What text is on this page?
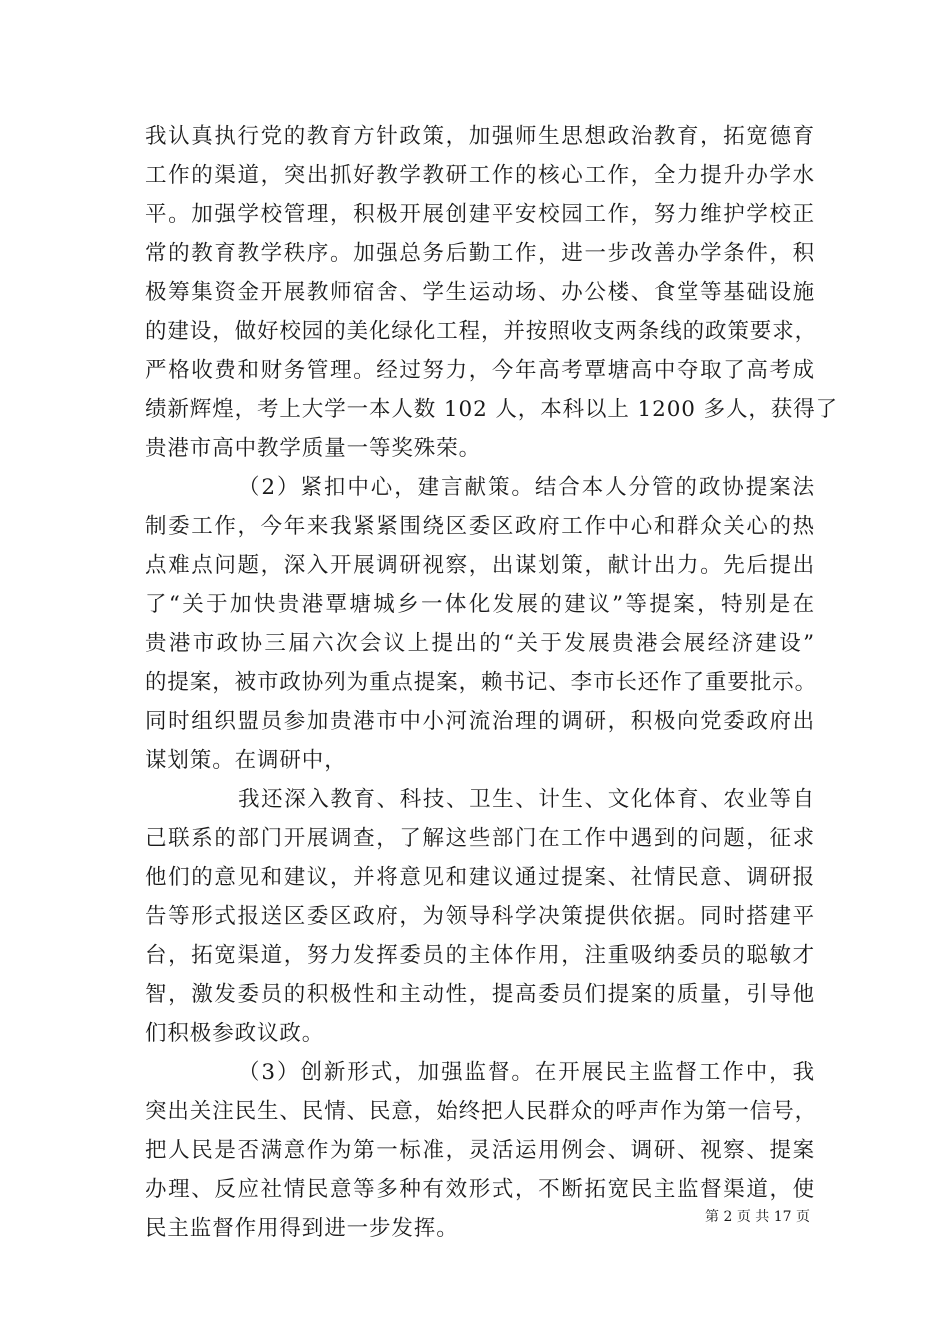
我认真执行党的教育方针政策，加强师生思想政治教育，拓宽德育
工作的渠道，突出抓好教学教研工作的核心工作，全力提升办学水
平。加强学校管理，积极开展创建平安校园工作，努力维护学校正
常的教育教学秩序。加强总务后勤工作，进一步改善办学条件，积
极筹集资金开展教师宿舍、学生运动场、办公楼、食堂等基础设施
的建设，做好校园的美化绿化工程，并按照收支两条线的政策要求，
严格收费和财务管理。经过努力，今年高考覃塘高中夺取了高考成
绩新辉煌，考上大学一本人数 102 人，本科以上 1200 多人，获得了
贵港市高中教学质量一等奖殊荣。
（2）紧扣中心，建言献策。结合本人分管的政协提案法
制委工作，今年来我紧紧围绕区委区政府工作中心和群众关心的热
点难点问题，深入开展调研视察，出谋划策，献计出力。先后提出
了“关于加快贵港覃塘城乡一体化发展的建议”等提案，特别是在
贵港市政协三届六次会议上提出的“关于发展贵港会展经济建设”
的提案，被市政协列为重点提案，赖书记、李市长还作了重要批示。
同时组织盟员参加贵港市中小河流治理的调研，积极向党委政府出
谋划策。在调研中，
我还深入教育、科技、卫生、计生、文化体育、农业等自
己联系的部门开展调查，了解这些部门在工作中遇到的问题，征求
他们的意见和建议，并将意见和建议通过提案、社情民意、调研报
告等形式报送区委区政府，为领导科学决策提供依据。同时搭建平
台，拓宽渠道，努力发挥委员的主体作用，注重吸纳委员的聪敏才
智，激发委员的积极性和主动性，提高委员们提案的质量，引导他
们积极参政议政。
（3）创新形式，加强监督。在开展民主监督工作中，我
突出关注民生、民情、民意，始终把人民群众的呼声作为第一信号，
把人民是否满意作为第一标准，灵活运用例会、调研、视察、提案
办理、反应社情民意等多种有效形式，不断拓宽民主监督渠道，使
民主监督作用得到进一步发挥。	第 2 页 共 17 页
